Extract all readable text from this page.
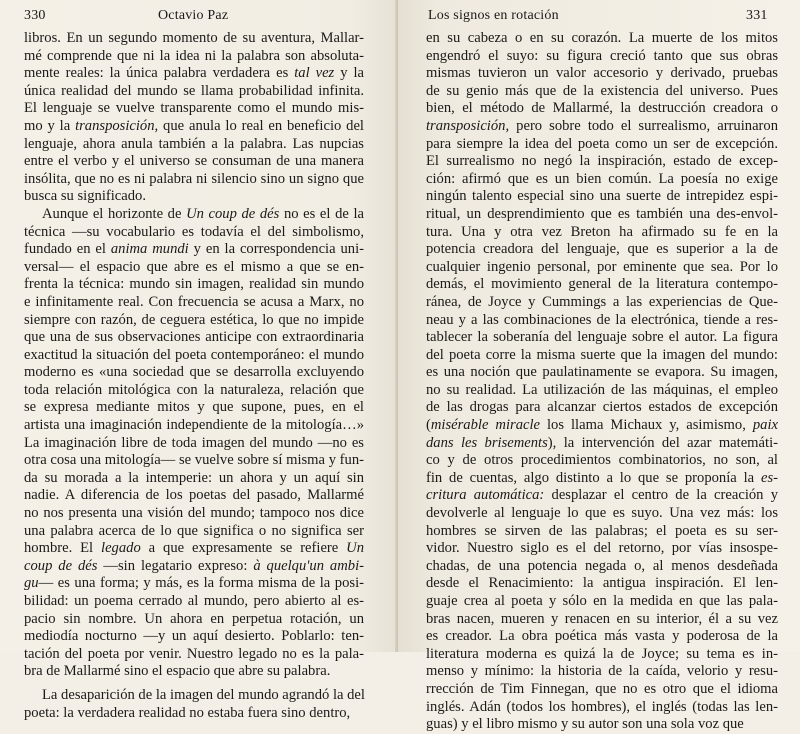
330	Octavio Paz

libros. En un segundo momento de su aventura, Mallar-
mé comprende que ni la idea ni la palabra son absoluta-
mente reales: la única palabra verdadera es tal vez y la
única realidad del mundo se llama probabilidad infinita.
El lenguaje se vuelve transparente como el mundo mis-
mo y la transposición, que anula lo real en beneficio del
lenguaje, ahora anula también a la palabra. Las nupcias
entre el verbo y el universo se consuman de una manera
insólita, que no es ni palabra ni silencio sino un signo que
busca su significado.

Aunque el horizonte de Un coup de dés no es el de la
técnica —su vocabulario es todavía el del simbolismo,
fundado en el anima mundi y en la correspondencia uni-
versal— el espacio que abre es el mismo a que se en-
frenta la técnica: mundo sin imagen, realidad sin mundo
e infinitamente real. Con frecuencia se acusa a Marx, no
siempre con razón, de ceguera estética, lo que no impide
que una de sus observaciones anticipe con extraordinaria
exactitud la situación del poeta contemporáneo: el mundo
moderno es «una sociedad que se desarrolla excluyendo
toda relación mitológica con la naturaleza, relación que
se expresa mediante mitos y que supone, pues, en el
artista una imaginación independiente de la mitología…»
La imaginación libre de toda imagen del mundo —no es
otra cosa una mitología— se vuelve sobre sí misma y fun-
da su morada a la intemperie: un ahora y un aquí sin
nadie. A diferencia de los poetas del pasado, Mallarmé
no nos presenta una visión del mundo; tampoco nos dice
una palabra acerca de lo que significa o no significa ser
hombre. El legado a que expresamente se refiere Un
coup de dés —sin legatario expreso: à quelqu'un ambi-
gu— es una forma; y más, es la forma misma de la posi-
bilidad: un poema cerrado al mundo, pero abierto al es-
pacio sin nombre. Un ahora en perpetua rotación, un
mediodía nocturno —y un aquí desierto. Poblarlo: ten-
tación del poeta por venir. Nuestro legado no es la pala-
bra de Mallarmé sino el espacio que abre su palabra.

La desaparición de la imagen del mundo agrandó la del
poeta: la verdadera realidad no estaba fuera sino dentro,

Los signos en rotación	331

en su cabeza o en su corazón. La muerte de los mitos
engendró el suyo: su figura creció tanto que sus obras
mismas tuvieron un valor accesorio y derivado, pruebas
de su genio más que de la existencia del universo. Pues
bien, el método de Mallarmé, la destrucción creadora o
transposición, pero sobre todo el surrealismo, arruinaron
para siempre la idea del poeta como un ser de excepción.
El surrealismo no negó la inspiración, estado de excep-
ción: afirmó que es un bien común. La poesía no exige
ningún talento especial sino una suerte de intrepidez espi-
ritual, un desprendimiento que es también una des-envol-
tura. Una y otra vez Breton ha afirmado su fe en la
potencia creadora del lenguaje, que es superior a la de
cualquier ingenio personal, por eminente que sea. Por lo
demás, el movimiento general de la literatura contempo-
ránea, de Joyce y Cummings a las experiencias de Que-
neau y a las combinaciones de la electrónica, tiende a res-
tablecer la soberanía del lenguaje sobre el autor. La figura
del poeta corre la misma suerte que la imagen del mundo:
es una noción que paulatinamente se evapora. Su imagen,
no su realidad. La utilización de las máquinas, el empleo
de las drogas para alcanzar ciertos estados de excepción
(misérable miracle los llama Michaux y, asimismo, paix
dans les brisements), la intervención del azar matemáti-
co y de otros procedimientos combinatorios, no son, al
fin de cuentas, algo distinto a lo que se proponía la es-
critura automática: desplazar el centro de la creación y
devolverle al lenguaje lo que es suyo. Una vez más: los
hombres se sirven de las palabras; el poeta es su ser-
vidor. Nuestro siglo es el del retorno, por vías insospe-
chadas, de una potencia negada o, al menos desdeñada
desde el Renacimiento: la antigua inspiración. El len-
guaje crea al poeta y sólo en la medida en que las pala-
bras nacen, mueren y renacen en su interior, él a su vez
es creador. La obra poética más vasta y poderosa de la
literatura moderna es quizá la de Joyce; su tema es in-
menso y mínimo: la historia de la caída, velorio y resu-
rrección de Tim Finnegan, que no es otro que el idioma
inglés. Adán (todos los hombres), el inglés (todas las len-
guas) y el libro mismo y su autor son una sola voz que
